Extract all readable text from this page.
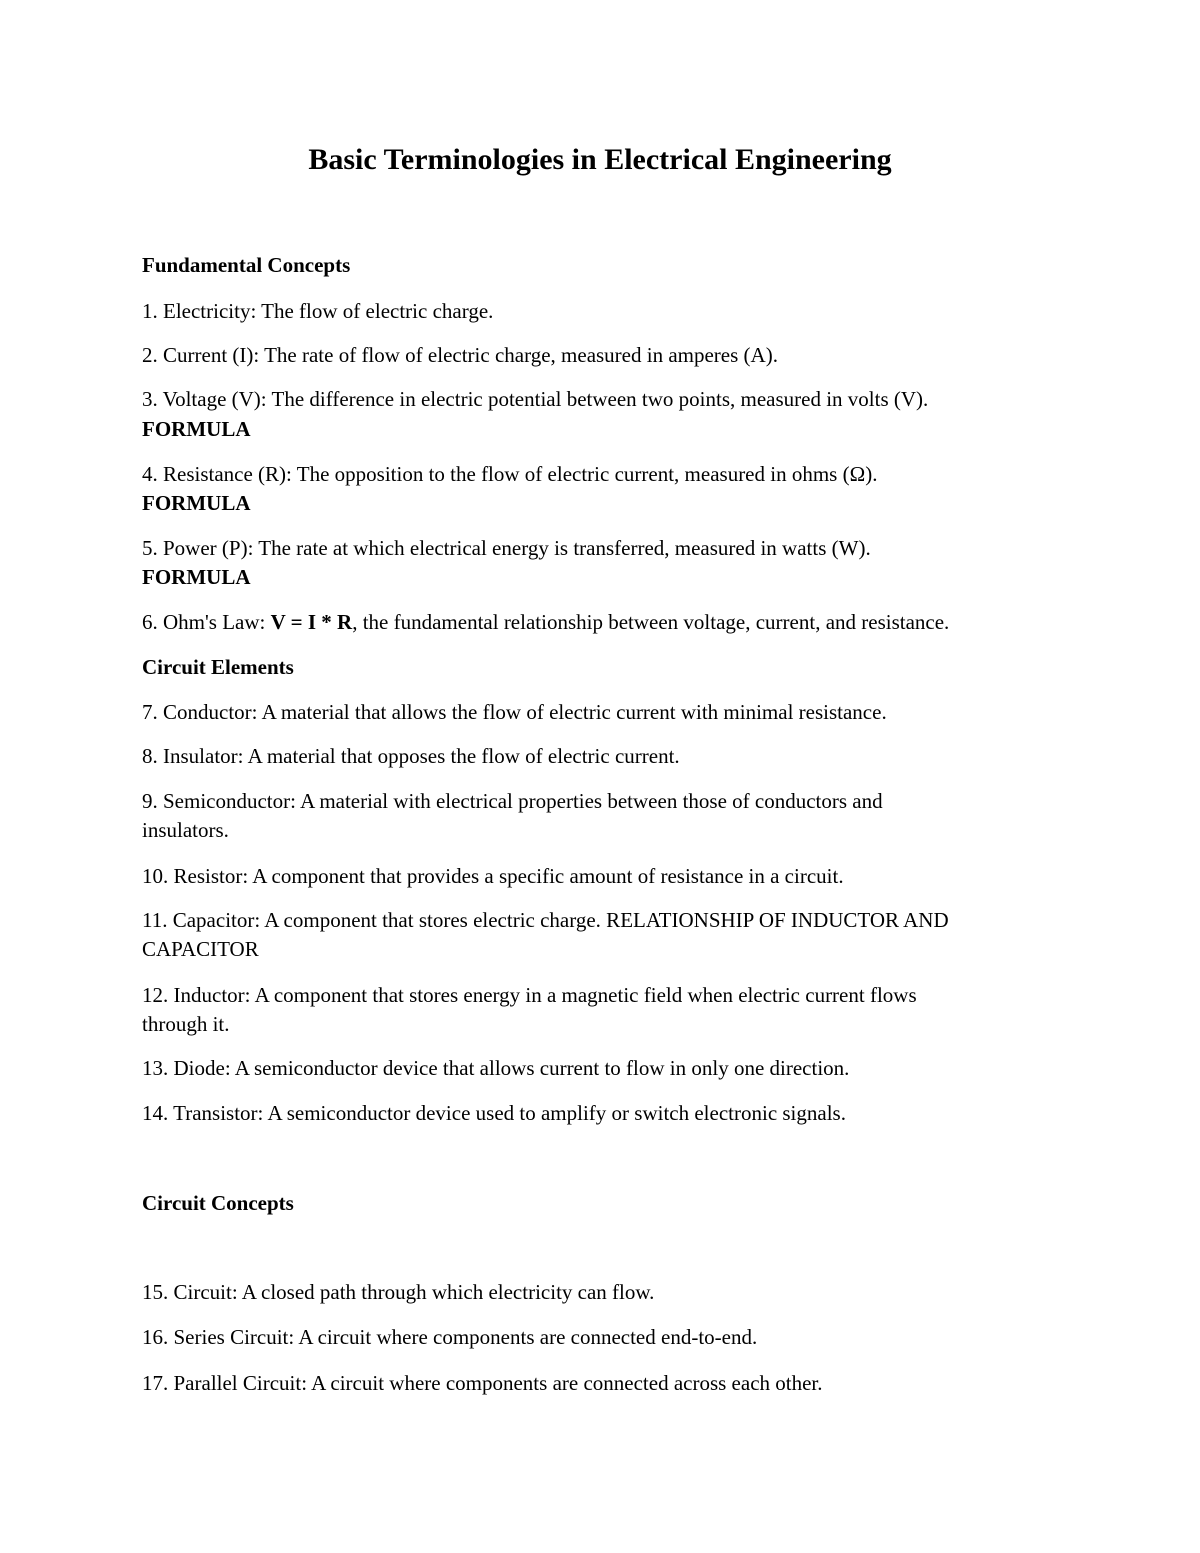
Basic Terminologies in Electrical Engineering

Fundamental Concepts

1. Electricity: The flow of electric charge.

2. Current (I): The rate of flow of electric charge, measured in amperes (A).

3. Voltage (V): The difference in electric potential between two points, measured in volts (V).

FORMULA

4. Resistance (R): The opposition to the flow of electric current, measured in ohms (Ω).

FORMULA

5. Power (P): The rate at which electrical energy is transferred, measured in watts (W).

FORMULA

6. Ohm's Law: V = I * R, the fundamental relationship between voltage, current, and resistance.

Circuit Elements

7. Conductor: A material that allows the flow of electric current with minimal resistance.

8. Insulator: A material that opposes the flow of electric current.

9. Semiconductor: A material with electrical properties between those of conductors and

insulators.

10. Resistor: A component that provides a specific amount of resistance in a circuit.

11. Capacitor: A component that stores electric charge. RELATIONSHIP OF INDUCTOR AND

CAPACITOR

12. Inductor: A component that stores energy in a magnetic field when electric current flows

through it.

13. Diode: A semiconductor device that allows current to flow in only one direction.

14. Transistor: A semiconductor device used to amplify or switch electronic signals.

Circuit Concepts

15. Circuit: A closed path through which electricity can flow.

16. Series Circuit: A circuit where components are connected end-to-end.

17. Parallel Circuit: A circuit where components are connected across each other.
